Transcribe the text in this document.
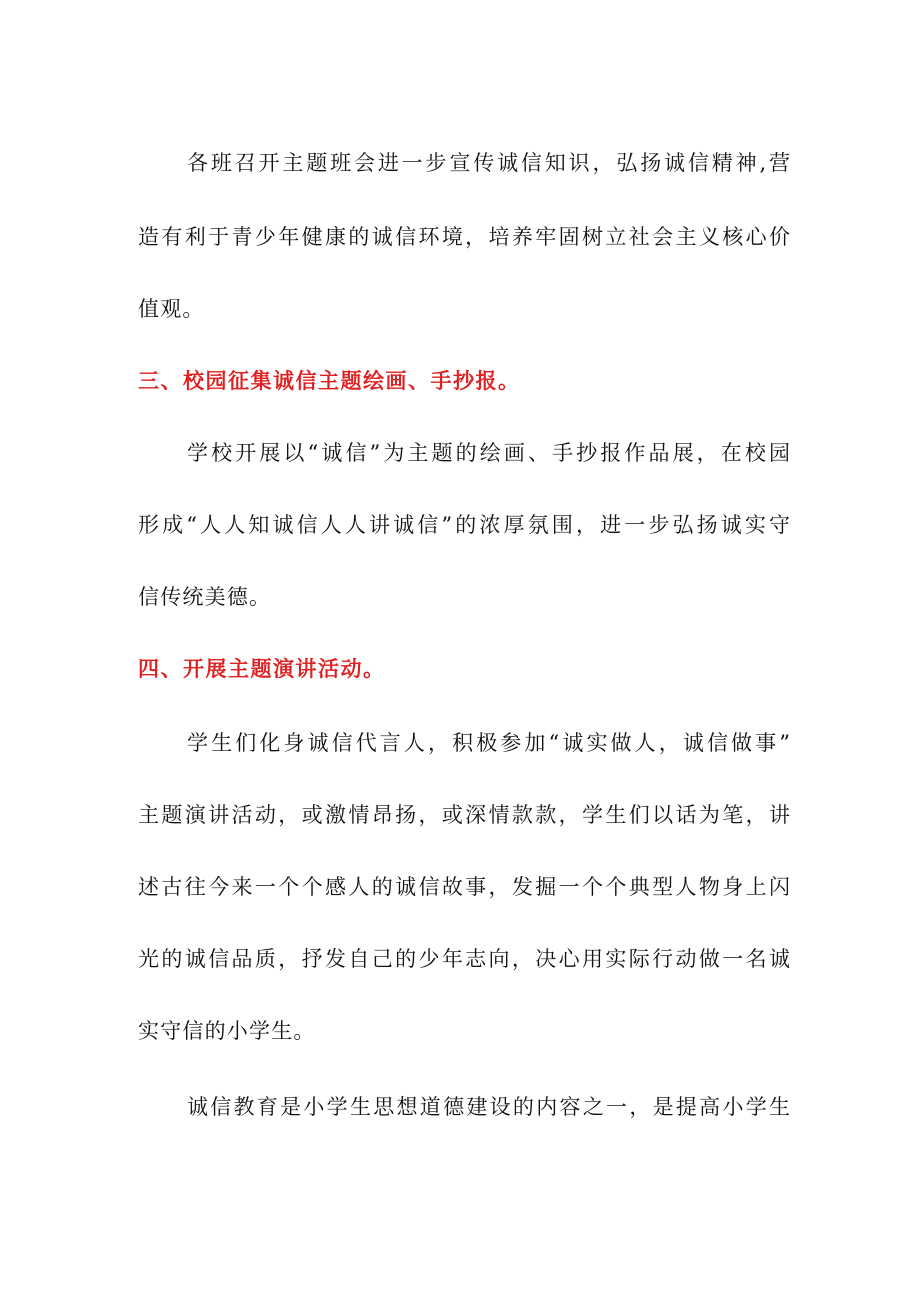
各班召开主题班会进一步宣传诚信知识，弘扬诚信精神,营
造有利于青少年健康的诚信环境，培养牢固树立社会主义核心价
值观。
三、校园征集诚信主题绘画、手抄报。
学校开展以“诚信”为主题的绘画、手抄报作品展，在校园
形成“人人知诚信人人讲诚信”的浓厚氛围，进一步弘扬诚实守
信传统美德。
四、开展主题演讲活动。
学生们化身诚信代言人，积极参加“诚实做人，诚信做事”
主题演讲活动，或激情昂扬，或深情款款，学生们以话为笔，讲
述古往今来一个个感人的诚信故事，发掘一个个典型人物身上闪
光的诚信品质，抒发自己的少年志向，决心用实际行动做一名诚
实守信的小学生。
诚信教育是小学生思想道德建设的内容之一，是提高小学生
